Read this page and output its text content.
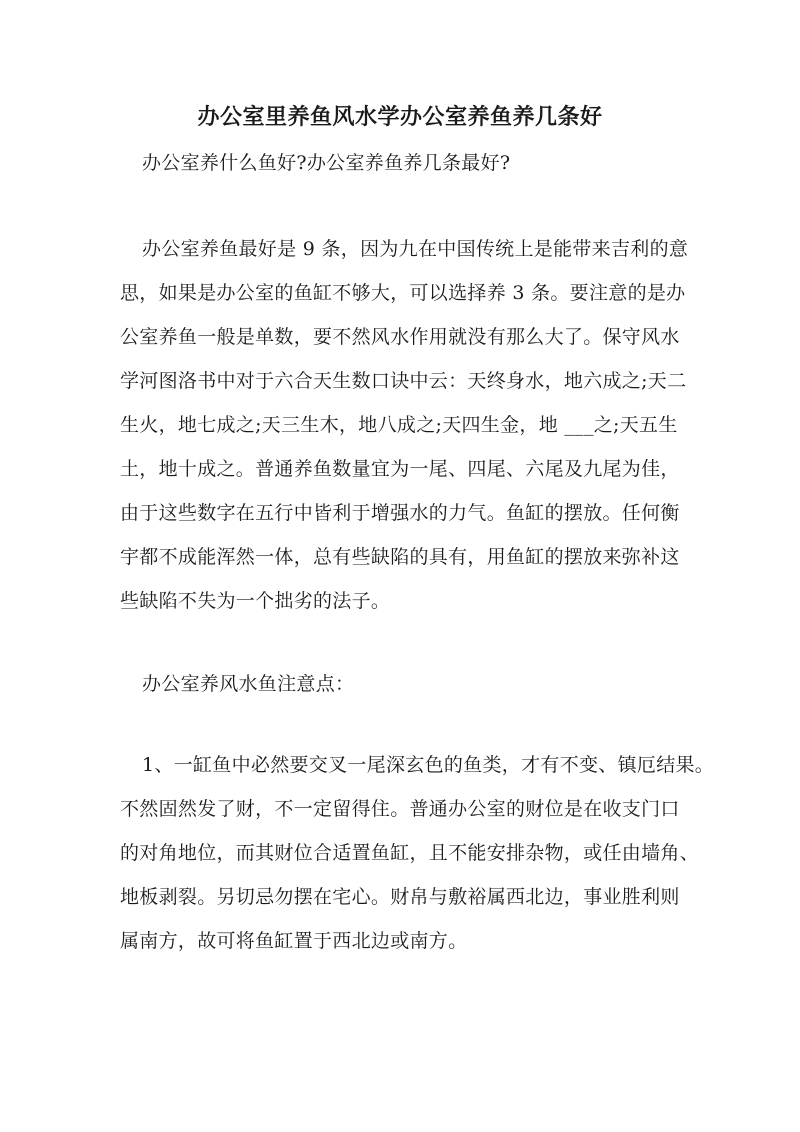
办公室里养鱼风水学办公室养鱼养几条好
办公室养什么鱼好?办公室养鱼养几条最好?
办公室养鱼最好是 9 条，因为九在中国传统上是能带来吉利的意
思，如果是办公室的鱼缸不够大，可以选择养 3 条。要注意的是办
公室养鱼一般是单数，要不然风水作用就没有那么大了。保守风水
学河图洛书中对于六合天生数口诀中云：天终身水，地六成之;天二
生火，地七成之;天三生木，地八成之;天四生金，地 ___之;天五生
土，地十成之。普通养鱼数量宜为一尾、四尾、六尾及九尾为佳，
由于这些数字在五行中皆利于增强水的力气。鱼缸的摆放。任何衡
宇都不成能浑然一体，总有些缺陷的具有，用鱼缸的摆放来弥补这
些缺陷不失为一个拙劣的法子。
办公室养风水鱼注意点：
1、一缸鱼中必然要交叉一尾深玄色的鱼类，才有不变、镇厄结果。
不然固然发了财，不一定留得住。普通办公室的财位是在收支门口
的对角地位，而其财位合适置鱼缸，且不能安排杂物，或任由墙角、
地板剥裂。另切忌勿摆在宅心。财帛与敷裕属西北边，事业胜利则
属南方，故可将鱼缸置于西北边或南方。
